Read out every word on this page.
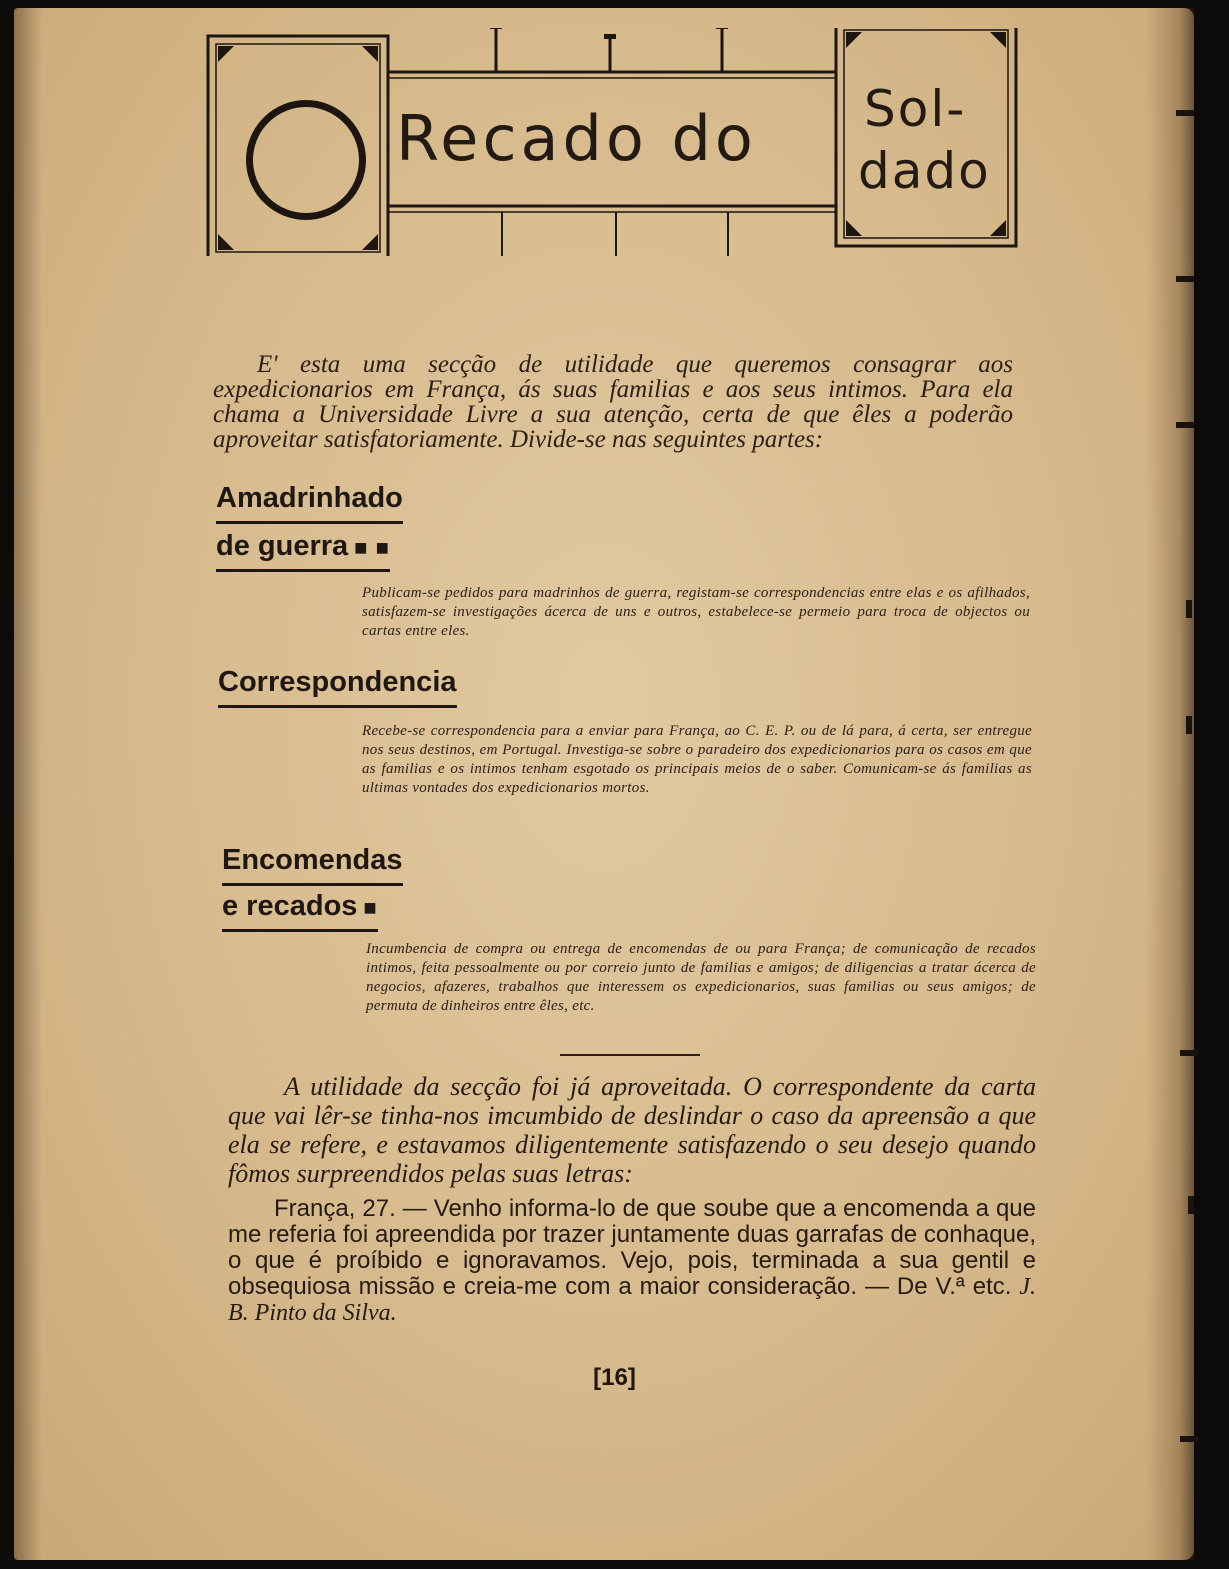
Recado do Sol-
dado
E' esta uma secção de utilidade que queremos consagrar aos expedicionarios em França, ás suas familias e aos seus intimos. Para ela chama a Universidade Livre a sua atenção, certa de que êles a poderão aproveitar satisfatoriamente. Divide-se nas seguintes partes:
Amadrinhado
de guerra ■ ■
Publicam-se pedidos para madrinhos de guerra, registam-se correspondencias entre elas e os afilhados, satisfazem-se investigações ácerca de uns e outros, estabelece-se permeio para troca de objectos ou cartas entre eles.
Correspondencia
Recebe-se correspondencia para a enviar para França, ao C. E. P. ou de lá para, á certa, ser entregue nos seus destinos, em Portugal. Investiga-se sobre o paradeiro dos expedicionarios para os casos em que as familias e os intimos tenham esgotado os principais meios de o saber. Comunicam-se ás familias as ultimas vontades dos expedicionarios mortos.
Encomendas
e recados ■
Incumbencia de compra ou entrega de encomendas de ou para França; de comunicação de recados intimos, feita pessoalmente ou por correio junto de familias e amigos; de diligencias a tratar ácerca de negocios, afazeres, trabalhos que interessem os expedicionarios, suas familias ou seus amigos; de permuta de dinheiros entre êles, etc.
A utilidade da secção foi já aproveitada. O correspondente da carta que vai lêr-se tinha-nos imcumbido de deslindar o caso da apreensão a que ela se refere, e estavamos diligentemente satisfazendo o seu desejo quando fômos surpreendidos pelas suas letras:
França, 27. — Venho informa-lo de que soube que a encomenda a que me referia foi apreendida por trazer juntamente duas garrafas de conhaque, o que é proíbido e ignoravamos. Vejo, pois, terminada a sua gentil e obsequiosa missão e creia-me com a maior consideração. — De V.ª etc. J. B. Pinto da Silva.
[16]
